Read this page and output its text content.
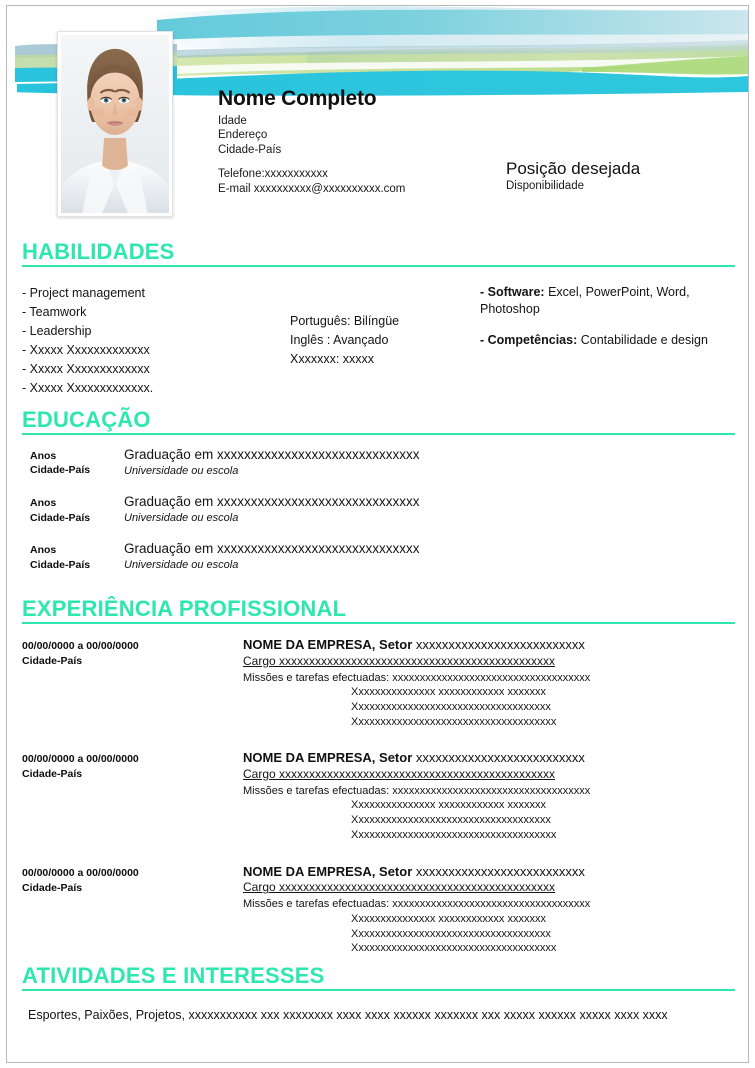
Nome Completo
Idade
Endereço
Cidade-País
Telefone:xxxxxxxxxxx
E-mail xxxxxxxxxx@xxxxxxxxxx.com
Posição desejada
Disponibilidade
HABILIDADES
- Project management
- Teamwork
- Leadership
- Xxxxx Xxxxxxxxxxxxx
- Xxxxx Xxxxxxxxxxxxx
- Xxxxx Xxxxxxxxxxxxx.
Português: Bilíngüe
Inglês : Avançado
Xxxxxxx: xxxxx
- Software: Excel, PowerPoint, Word, Photoshop
- Competências: Contabilidade e design
EDUCAÇÃO
Anos
Cidade-País
Graduação em xxxxxxxxxxxxxxxxxxxxxxxxxxxxxx
Universidade ou escola
Anos
Cidade-País
Graduação em xxxxxxxxxxxxxxxxxxxxxxxxxxxxxx
Universidade ou escola
Anos
Cidade-País
Graduação em xxxxxxxxxxxxxxxxxxxxxxxxxxxxxx
Universidade ou escola
EXPERIÊNCIA PROFISSIONAL
00/00/0000 a 00/00/0000
Cidade-País
NOME DA EMPRESA, Setor xxxxxxxxxxxxxxxxxxxxxxxxxx
Cargo xxxxxxxxxxxxxxxxxxxxxxxxxxxxxxxxxxxxxxxxxxxxxx
Missões e tarefas efectuadas: xxxxxxxxxxxxxxxxxxxxxxxxxxxxxxxxxxxx
Xxxxxxxxxxxxxxx xxxxxxxxxxxx xxxxxxx
Xxxxxxxxxxxxxxxxxxxxxxxxxxxxxxxxxxxx
Xxxxxxxxxxxxxxxxxxxxxxxxxxxxxxxxxxxxx
00/00/0000 a 00/00/0000
Cidade-País
NOME DA EMPRESA, Setor xxxxxxxxxxxxxxxxxxxxxxxxxx
Cargo xxxxxxxxxxxxxxxxxxxxxxxxxxxxxxxxxxxxxxxxxxxxxx
Missões e tarefas efectuadas: xxxxxxxxxxxxxxxxxxxxxxxxxxxxxxxxxxxx
Xxxxxxxxxxxxxxx xxxxxxxxxxxx xxxxxxx
Xxxxxxxxxxxxxxxxxxxxxxxxxxxxxxxxxxxx
Xxxxxxxxxxxxxxxxxxxxxxxxxxxxxxxxxxxxx
00/00/0000 a 00/00/0000
Cidade-País
NOME DA EMPRESA, Setor xxxxxxxxxxxxxxxxxxxxxxxxxx
Cargo xxxxxxxxxxxxxxxxxxxxxxxxxxxxxxxxxxxxxxxxxxxxxx
Missões e tarefas efectuadas: xxxxxxxxxxxxxxxxxxxxxxxxxxxxxxxxxxxx
Xxxxxxxxxxxxxxx xxxxxxxxxxxx xxxxxxx
Xxxxxxxxxxxxxxxxxxxxxxxxxxxxxxxxxxxx
Xxxxxxxxxxxxxxxxxxxxxxxxxxxxxxxxxxxxx
ATIVIDADES E INTERESSES
Esportes, Paixões, Projetos, xxxxxxxxxxx xxx xxxxxxxx xxxx xxxx xxxxxx xxxxxxx xxx xxxxx xxxxxx xxxxx xxxx xxxx
